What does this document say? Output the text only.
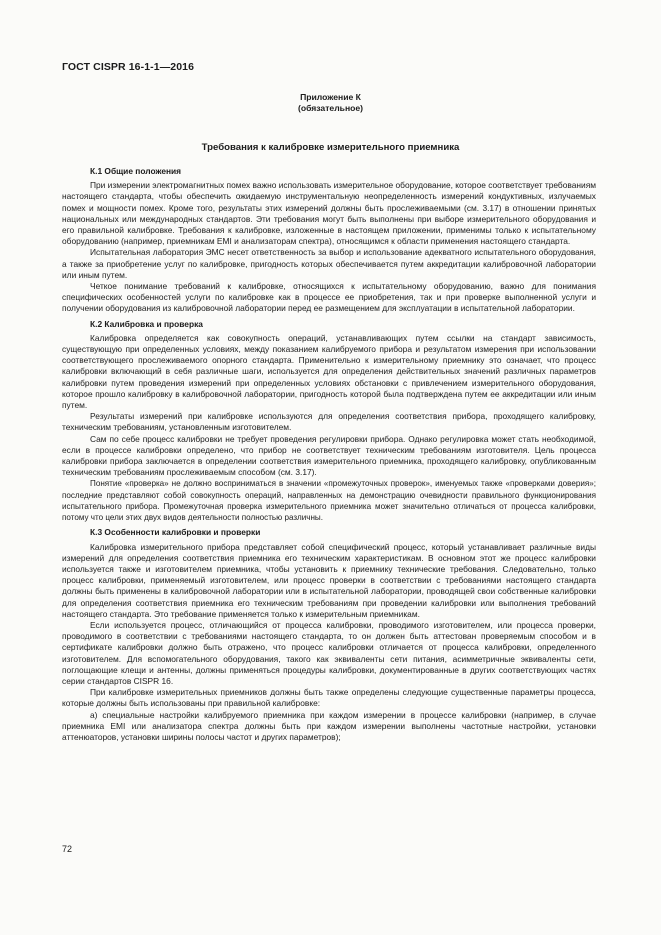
ГОСТ CISPR 16-1-1—2016
Приложение К
(обязательное)
Требования к калибровке измерительного приемника
К.1 Общие положения

При измерении электромагнитных помех важно использовать измерительное оборудование, которое соответствует требованиям настоящего стандарта, чтобы обеспечить ожидаемую инструментальную неопределенность измерений кондуктивных, излучаемых помех и мощности помех. Кроме того, результаты этих измерений должны быть прослеживаемыми (см. 3.17) в отношении принятых национальных или международных стандартов. Эти требования могут быть выполнены при выборе измерительного оборудования и его правильной калибровке. Требования к калибровке, изложенные в настоящем приложении, применимы только к испытательному оборудованию (например, приемникам EMI и анализаторам спектра), относящимся к области применения настоящего стандарта.

Испытательная лаборатория ЭМС несет ответственность за выбор и использование адекватного испытательного оборудования, а также за приобретение услуг по калибровке, пригодность которых обеспечивается путем аккредитации калибровочной лаборатории или иным путем.

Четкое понимание требований к калибровке, относящихся к испытательному оборудованию, важно для понимания специфических особенностей услуги по калибровке как в процессе ее приобретения, так и при проверке выполненной услуги и получении оборудования из калибровочной лаборатории перед ее размещением для эксплуатации в испытательной лаборатории.

К.2 Калибровка и проверка

Калибровка определяется как совокупность операций, устанавливающих путем ссылки на стандарт зависимость, существующую при определенных условиях, между показанием калибруемого прибора и результатом измерения при использовании соответствующего прослеживаемого опорного стандарта. Применительно к измерительному приемнику это означает, что процесс калибровки включающий в себя различные шаги, используется для определения действительных значений различных параметров калибровки путем проведения измерений при определенных условиях обстановки с привлечением измерительного оборудования, которое прошло калибровку в калибровочной лаборатории, пригодность которой была подтверждена путем ее аккредитации или иным путем.

Результаты измерений при калибровке используются для определения соответствия прибора, проходящего калибровку, техническим требованиям, установленным изготовителем.

Сам по себе процесс калибровки не требует проведения регулировки прибора. Однако регулировка может стать необходимой, если в процессе калибровки определено, что прибор не соответствует техническим требованиям изготовителя. Цель процесса калибровки прибора заключается в определении соответствия измерительного приемника, проходящего калибровку, опубликованным техническим требованиям прослеживаемым способом (см. 3.17).

Понятие «проверка» не должно восприниматься в значении «промежуточных проверок», именуемых также «проверками доверия»; последние представляют собой совокупность операций, направленных на демонстрацию очевидности правильного функционирования испытательного прибора. Промежуточная проверка измерительного приемника может значительно отличаться от процесса калибровки, потому что цели этих двух видов деятельности полностью различны.

К.3 Особенности калибровки и проверки

Калибровка измерительного прибора представляет собой специфический процесс, который устанавливает различные виды измерений для определения соответствия приемника его техническим характеристикам. В основном этот же процесс калибровки используется также и изготовителем приемника, чтобы установить к приемнику технические требования. Следовательно, только процесс калибровки, применяемый изготовителем, или процесс проверки в соответствии с требованиями настоящего стандарта должны быть применены в калибровочной лаборатории или в испытательной лаборатории, проводящей свои собственные калибровки для определения соответствия приемника его техническим требованиям при проведении калибровки или выполнения требований настоящего стандарта. Это требование применяется только к измерительным приемникам.

Если используется процесс, отличающийся от процесса калибровки, проводимого изготовителем, или процесса проверки, проводимого в соответствии с требованиями настоящего стандарта, то он должен быть аттестован проверяемым способом и в сертификате калибровки должно быть отражено, что процесс калибровки отличается от процесса калибровки, определенного изготовителем. Для вспомогательного оборудования, такого как эквиваленты сети питания, асимметричные эквиваленты сети, поглощающие клещи и антенны, должны применяться процедуры калибровки, документированные в других соответствующих частях серии стандартов CISPR 16.

При калибровке измерительных приемников должны быть также определены следующие существенные параметры процесса, которые должны быть использованы при правильной калибровке:

а) специальные настройки калибруемого приемника при каждом измерении в процессе калибровки (например, в случае приемника EMI или анализатора спектра должны быть при каждом измерении выполнены частотные настройки, установки аттенюаторов, установки ширины полосы частот и других параметров);

72
